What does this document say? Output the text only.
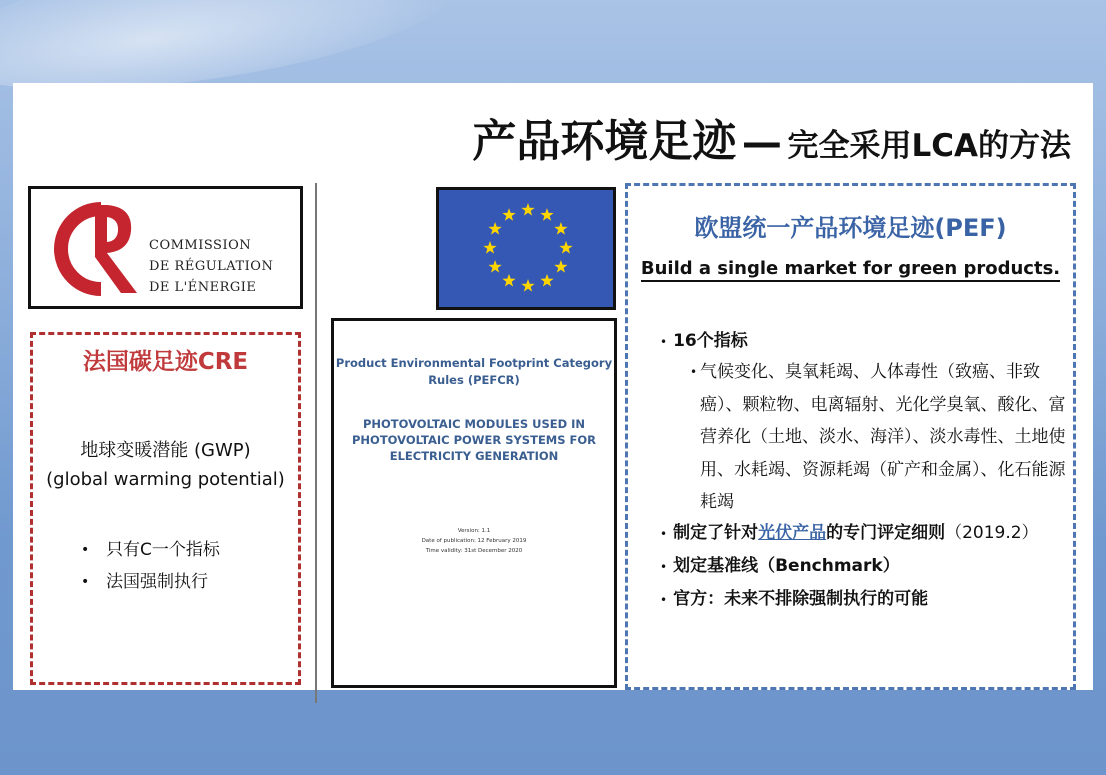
产品环境足迹 — 完全采用LCA的方法
COMMISSION
DE RÉGULATION
DE L'ÉNERGIE
法国碳足迹CRE
地球变暖潜能 (GWP)
(global warming potential)
• 只有C一个指标
• 法国强制执行
Product Environmental Footprint Category Rules (PEFCR)
PHOTOVOLTAIC MODULES USED IN PHOTOVOLTAIC POWER SYSTEMS FOR ELECTRICITY GENERATION
Version: 1.1
Date of publication: 12 February 2019
Time validity: 31st December 2020
欧盟统一产品环境足迹(PEF)
Build a single market for green products.
• 16个指标
• 气候变化、臭氧耗竭、人体毒性（致癌、非致癌）、颗粒物、电离辐射、光化学臭氧、酸化、富营养化（土地、淡水、海洋）、淡水毒性、土地使用、水耗竭、资源耗竭（矿产和金属）、化石能源耗竭
• 制定了针对光伏产品的专门评定细则（2019.2）
• 划定基准线（Benchmark）
• 官方：未来不排除强制执行的可能
